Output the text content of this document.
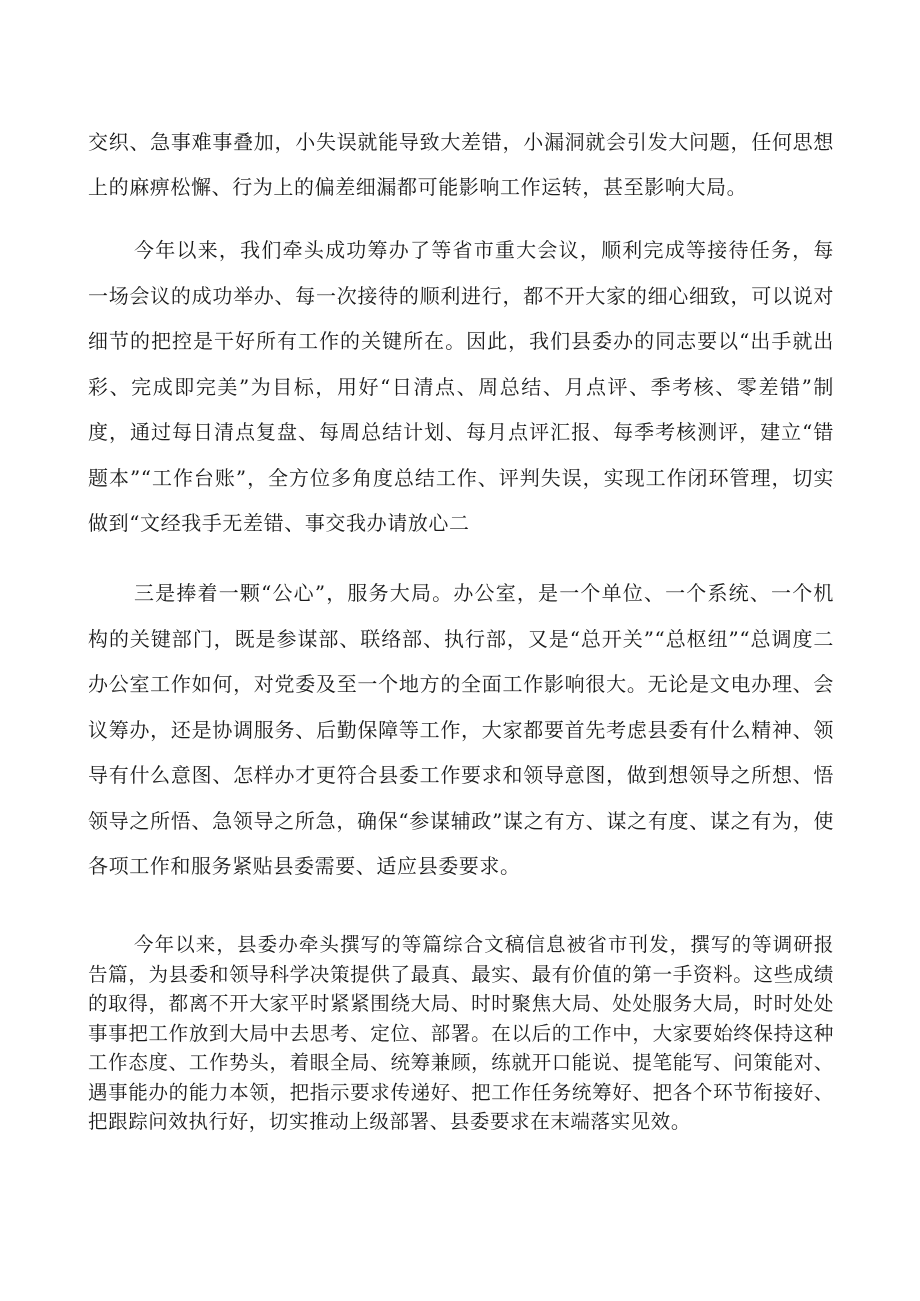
交织、急事难事叠加，小失误就能导致大差错，小漏洞就会引发大问题，任何思想上的麻痹松懈、行为上的偏差细漏都可能影响工作运转，甚至影响大局。

今年以来，我们牵头成功筹办了等省市重大会议，顺利完成等接待任务，每一场会议的成功举办、每一次接待的顺利进行，都不开大家的细心细致，可以说对细节的把控是干好所有工作的关键所在。因此，我们县委办的同志要以“出手就出彩、完成即完美”为目标，用好“日清点、周总结、月点评、季考核、零差错”制度，通过每日清点复盘、每周总结计划、每月点评汇报、每季考核测评，建立“错题本”“工作台账”，全方位多角度总结工作、评判失误，实现工作闭环管理，切实做到“文经我手无差错、事交我办请放心二

三是捧着一颗“公心”，服务大局。办公室，是一个单位、一个系统、一个机构的关键部门，既是参谋部、联络部、执行部，又是“总开关”“总枢纽”“总调度二办公室工作如何，对党委及至一个地方的全面工作影响很大。无论是文电办理、会议筹办，还是协调服务、后勤保障等工作，大家都要首先考虑县委有什么精神、领导有什么意图、怎样办才更符合县委工作要求和领导意图，做到想领导之所想、悟领导之所悟、急领导之所急，确保“参谋辅政”谋之有方、谋之有度、谋之有为，使各项工作和服务紧贴县委需要、适应县委要求。

今年以来，县委办牵头撰写的等篇综合文稿信息被省市刊发，撰写的等调研报告篇，为县委和领导科学决策提供了最真、最实、最有价值的第一手资料。这些成绩的取得，都离不开大家平时紧紧围绕大局、时时聚焦大局、处处服务大局，时时处处事事把工作放到大局中去思考、定位、部署。在以后的工作中，大家要始终保持这种工作态度、工作势头，着眼全局、统筹兼顾，练就开口能说、提笔能写、问策能对、遇事能办的能力本领，把指示要求传递好、把工作任务统筹好、把各个环节衔接好、把跟踪问效执行好，切实推动上级部署、县委要求在末端落实见效。
